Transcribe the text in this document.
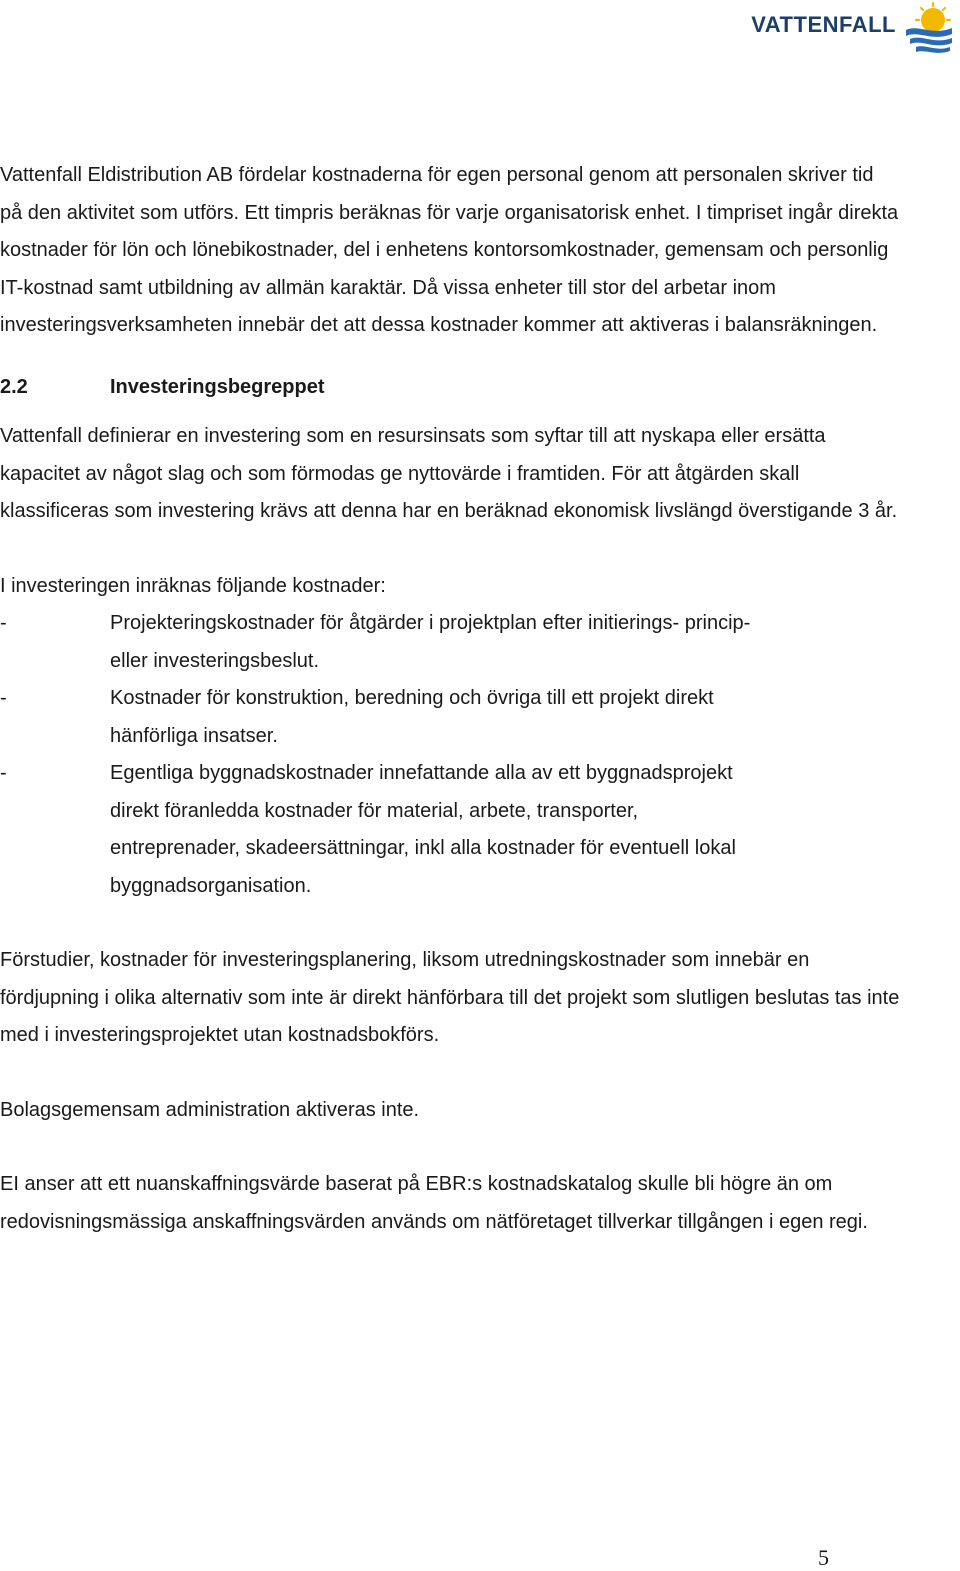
VATTENFALL

Vattenfall Eldistribution AB fördelar kostnaderna för egen personal genom att personalen skriver tid på den aktivitet som utförs. Ett timpris beräknas för varje organisatorisk enhet. I timpriset ingår direkta kostnader för lön och lönebikostnader, del i enhetens kontorsomkostnader, gemensam och personlig IT-kostnad samt utbildning av allmän karaktär. Då vissa enheter till stor del arbetar inom investeringsverksamheten innebär det att dessa kostnader kommer att aktiveras i balansräkningen.

2.2	Investeringsbegreppet

Vattenfall definierar en investering som en resursinsats som syftar till att nyskapa eller ersätta kapacitet av något slag och som förmodas ge nyttovärde i framtiden. För att åtgärden skall klassificeras som investering krävs att denna har en beräknad ekonomisk livslängd överstigande 3 år.

I investeringen inräknas följande kostnader:

-	Projekteringskostnader för åtgärder i projektplan efter initierings- princip- eller investeringsbeslut.
-	Kostnader för konstruktion, beredning och övriga till ett projekt direkt hänförliga insatser.
-	Egentliga byggnadskostnader innefattande alla av ett byggnadsprojekt direkt föranledda kostnader för material, arbete, transporter, entreprenader, skadeersättningar, inkl alla kostnader för eventuell lokal byggnadsorganisation.

Förstudier, kostnader för investeringsplanering, liksom utredningskostnader som innebär en fördjupning i olika alternativ som inte är direkt hänförbara till det projekt som slutligen beslutas tas inte med i investeringsprojektet utan kostnadsbokförs.

Bolagsgemensam administration aktiveras inte.

EI anser att ett nuanskaffningsvärde baserat på EBR:s kostnadskatalog skulle bli högre än om redovisningsmässiga anskaffningsvärden används om nätföretaget tillverkar tillgången i egen regi.

5
